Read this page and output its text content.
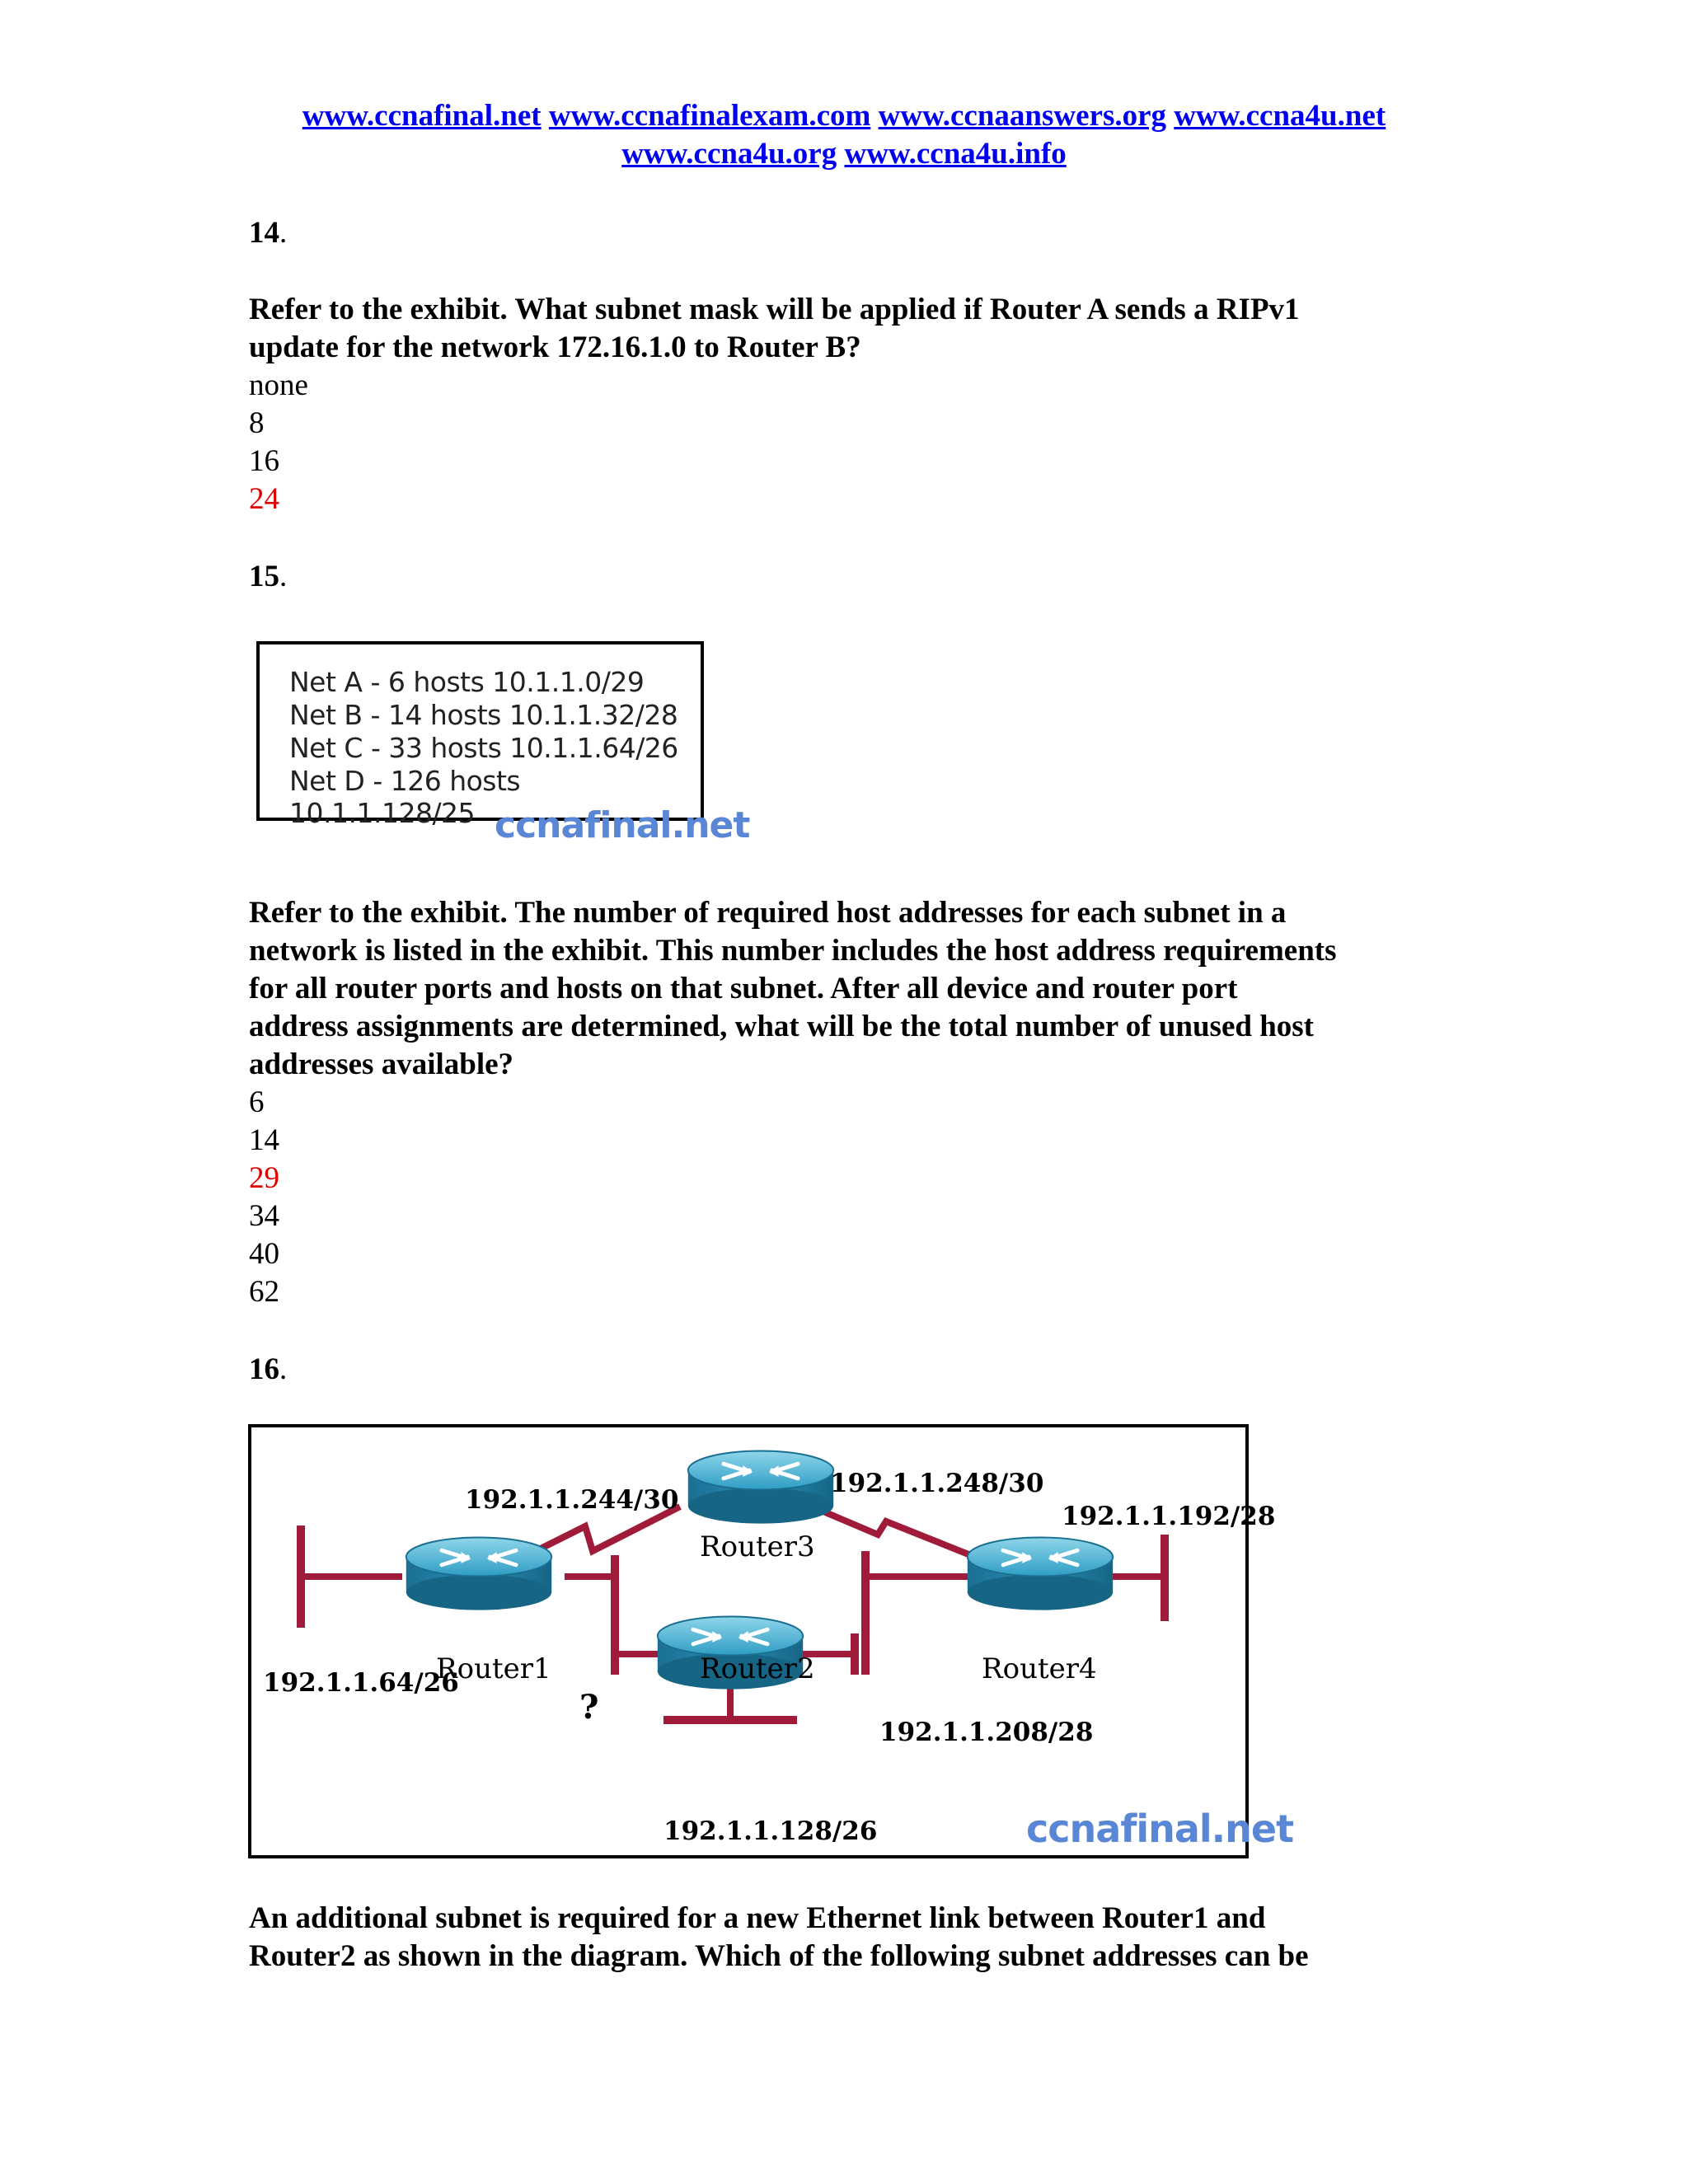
www.ccnafinal.net www.ccnafinalexam.com www.ccnaanswers.org www.ccna4u.net
www.ccna4u.org www.ccna4u.info
14.
Refer to the exhibit. What subnet mask will be applied if Router A sends a RIPv1
update for the network 172.16.1.0 to Router B?
none
8
16
24
15.
Net A - 6 hosts 10.1.1.0/29
Net B - 14 hosts 10.1.1.32/28
Net C - 33 hosts 10.1.1.64/26
Net D - 126 hosts 10.1.1.128/25 ccnafinal.net
Refer to the exhibit. The number of required host addresses for each subnet in a
network is listed in the exhibit. This number includes the host address requirements
for all router ports and hosts on that subnet. After all device and router port
address assignments are determined, what will be the total number of unused host
addresses available?
6
14
29
34
40
62
16.
192.1.1.244/30
192.1.1.248/30
192.1.1.192/28
192.1.1.64/26
192.1.1.208/28
192.1.1.128/26
Router1	Router2
Router3
Router4
?
ccnafinal.net
An additional subnet is required for a new Ethernet link between Router1 and
Router2 as shown in the diagram. Which of the following subnet addresses can be
